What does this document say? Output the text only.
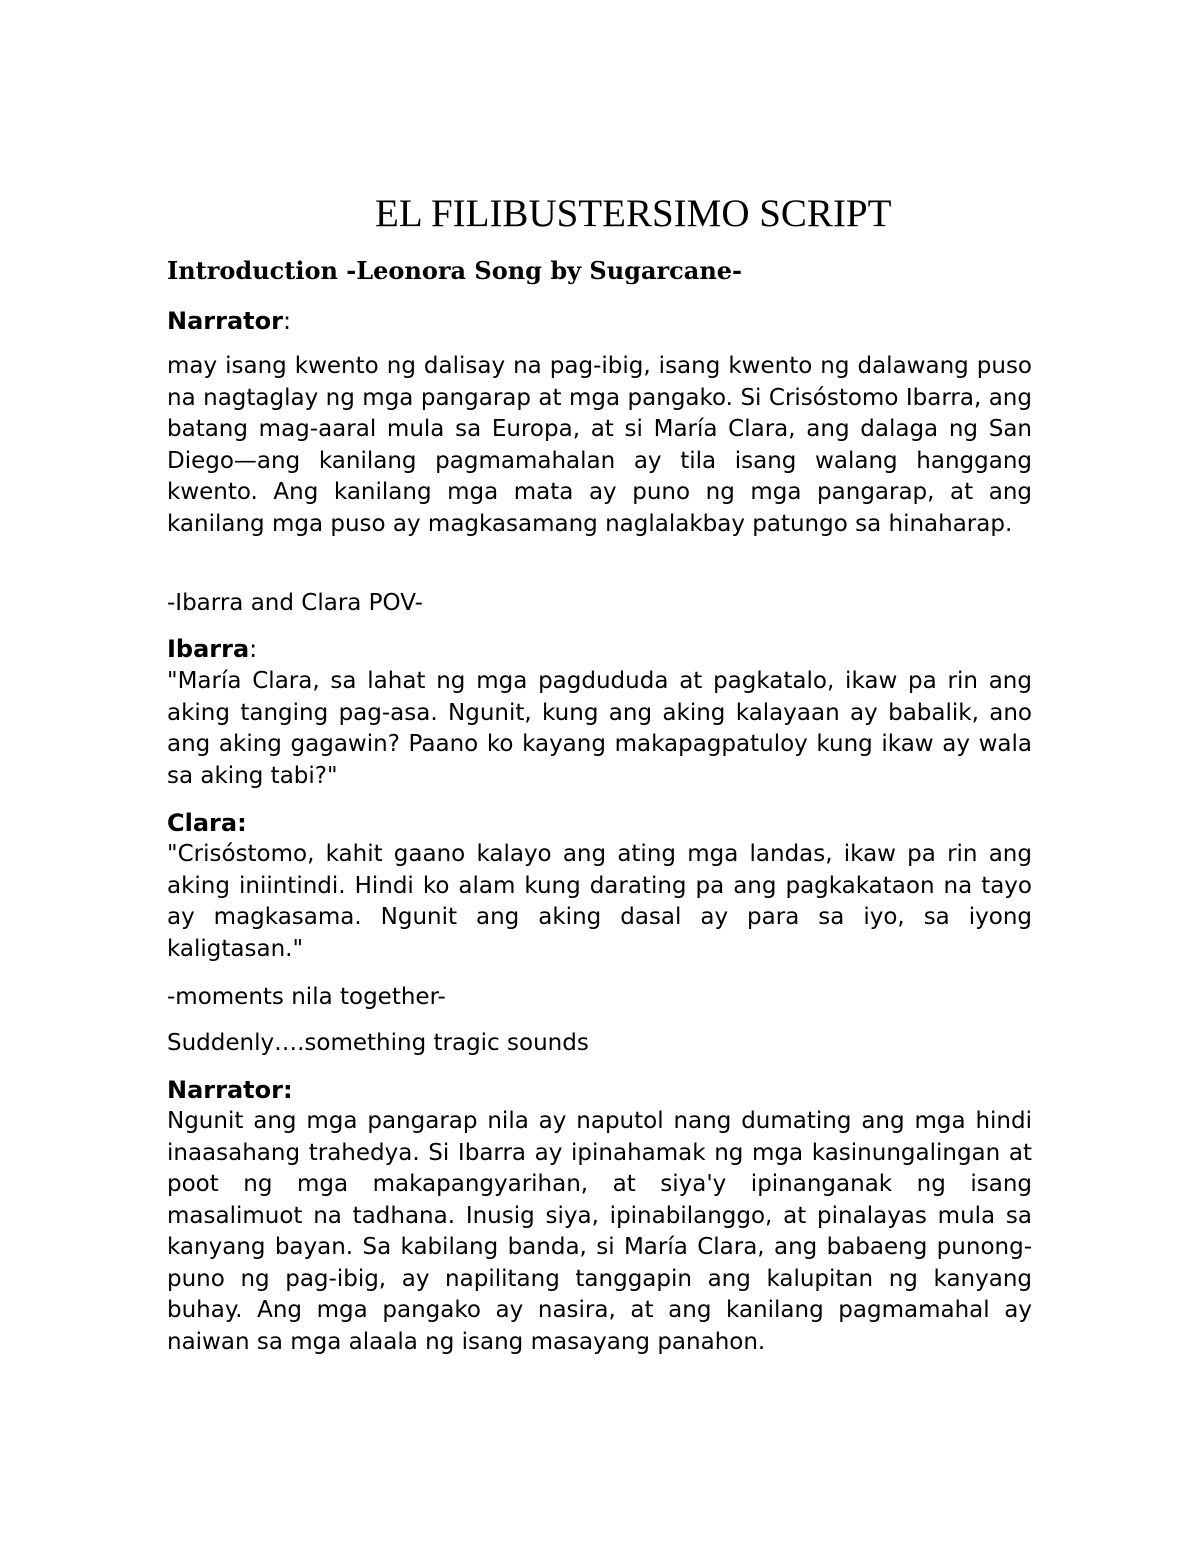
EL FILIBUSTERSIMO SCRIPT
Introduction -Leonora Song by Sugarcane-
Narrator:
may isang kwento ng dalisay na pag-ibig, isang kwento ng dalawang puso na nagtaglay ng mga pangarap at mga pangako. Si Crisóstomo Ibarra, ang batang mag-aaral mula sa Europa, at si María Clara, ang dalaga ng San Diego—ang kanilang pagmamahalan ay tila isang walang hanggang kwento. Ang kanilang mga mata ay puno ng mga pangarap, at ang kanilang mga puso ay magkasamang naglalakbay patungo sa hinaharap.
-Ibarra and Clara POV-
Ibarra:
"María Clara, sa lahat ng mga pagdududa at pagkatalo, ikaw pa rin ang aking tanging pag-asa. Ngunit, kung ang aking kalayaan ay babalik, ano ang aking gagawin? Paano ko kayang makapagpatuloy kung ikaw ay wala sa aking tabi?"
Clara:
"Crisóstomo, kahit gaano kalayo ang ating mga landas, ikaw pa rin ang aking iniintindi. Hindi ko alam kung darating pa ang pagkakataon na tayo ay magkasama. Ngunit ang aking dasal ay para sa iyo, sa iyong kaligtasan."
-moments nila together-
Suddenly….something tragic sounds
Narrator:
Ngunit ang mga pangarap nila ay naputol nang dumating ang mga hindi inaasahang trahedya. Si Ibarra ay ipinahamak ng mga kasinungalingan at poot ng mga makapangyarihan, at siya'y ipinanganak ng isang masalimuot na tadhana. Inusig siya, ipinabilanggo, at pinalayas mula sa kanyang bayan. Sa kabilang banda, si María Clara, ang babaeng punong-puno ng pag-ibig, ay napilitang tanggapin ang kalupitan ng kanyang buhay. Ang mga pangako ay nasira, at ang kanilang pagmamahal ay naiwan sa mga alaala ng isang masayang panahon.
